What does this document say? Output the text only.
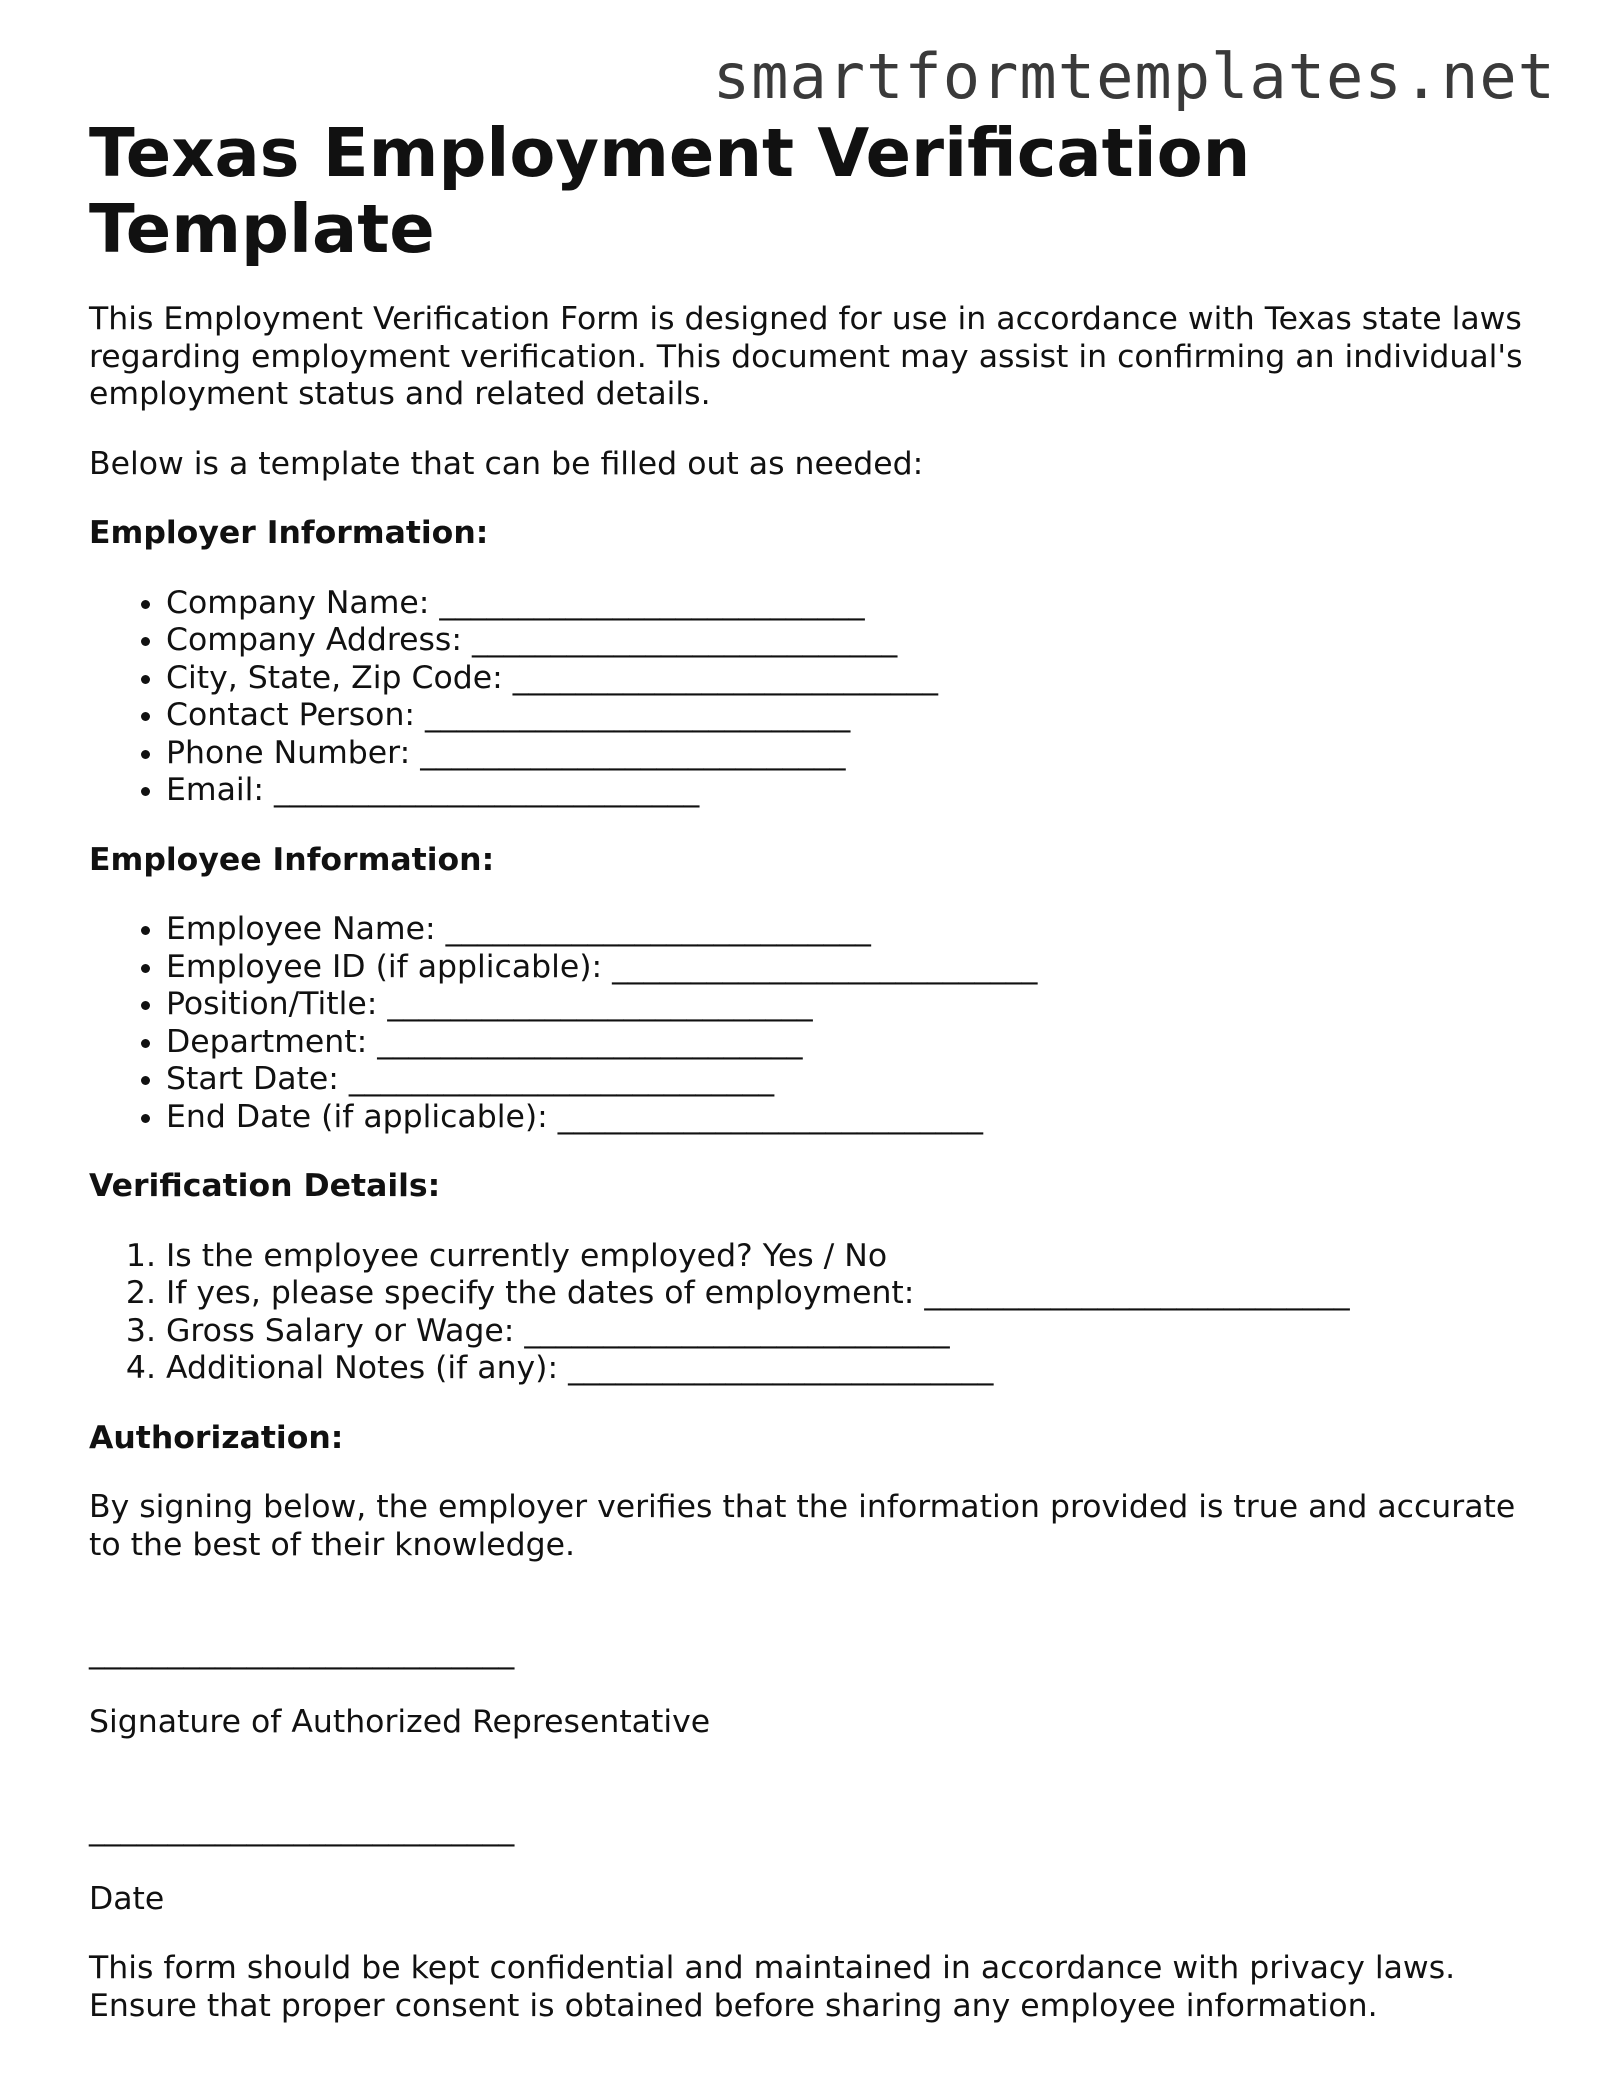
smartformtemplates.net
Texas Employment Verification Template

This Employment Verification Form is designed for use in accordance with Texas state laws regarding employment verification. This document may assist in confirming an individual's employment status and related details.

Below is a template that can be filled out as needed:

Employer Information:

• Company Name: ___________________________
• Company Address: ___________________________
• City, State, Zip Code: ___________________________
• Contact Person: ___________________________
• Phone Number: ___________________________
• Email: ___________________________

Employee Information:

• Employee Name: ___________________________
• Employee ID (if applicable): ___________________________
• Position/Title: ___________________________
• Department: ___________________________
• Start Date: ___________________________
• End Date (if applicable): ___________________________

Verification Details:

1. Is the employee currently employed? Yes / No
2. If yes, please specify the dates of employment: ___________________________
3. Gross Salary or Wage: ___________________________
4. Additional Notes (if any): ___________________________

Authorization:

By signing below, the employer verifies that the information provided is true and accurate to the best of their knowledge.

___________________________

Signature of Authorized Representative

___________________________

Date

This form should be kept confidential and maintained in accordance with privacy laws. Ensure that proper consent is obtained before sharing any employee information.
